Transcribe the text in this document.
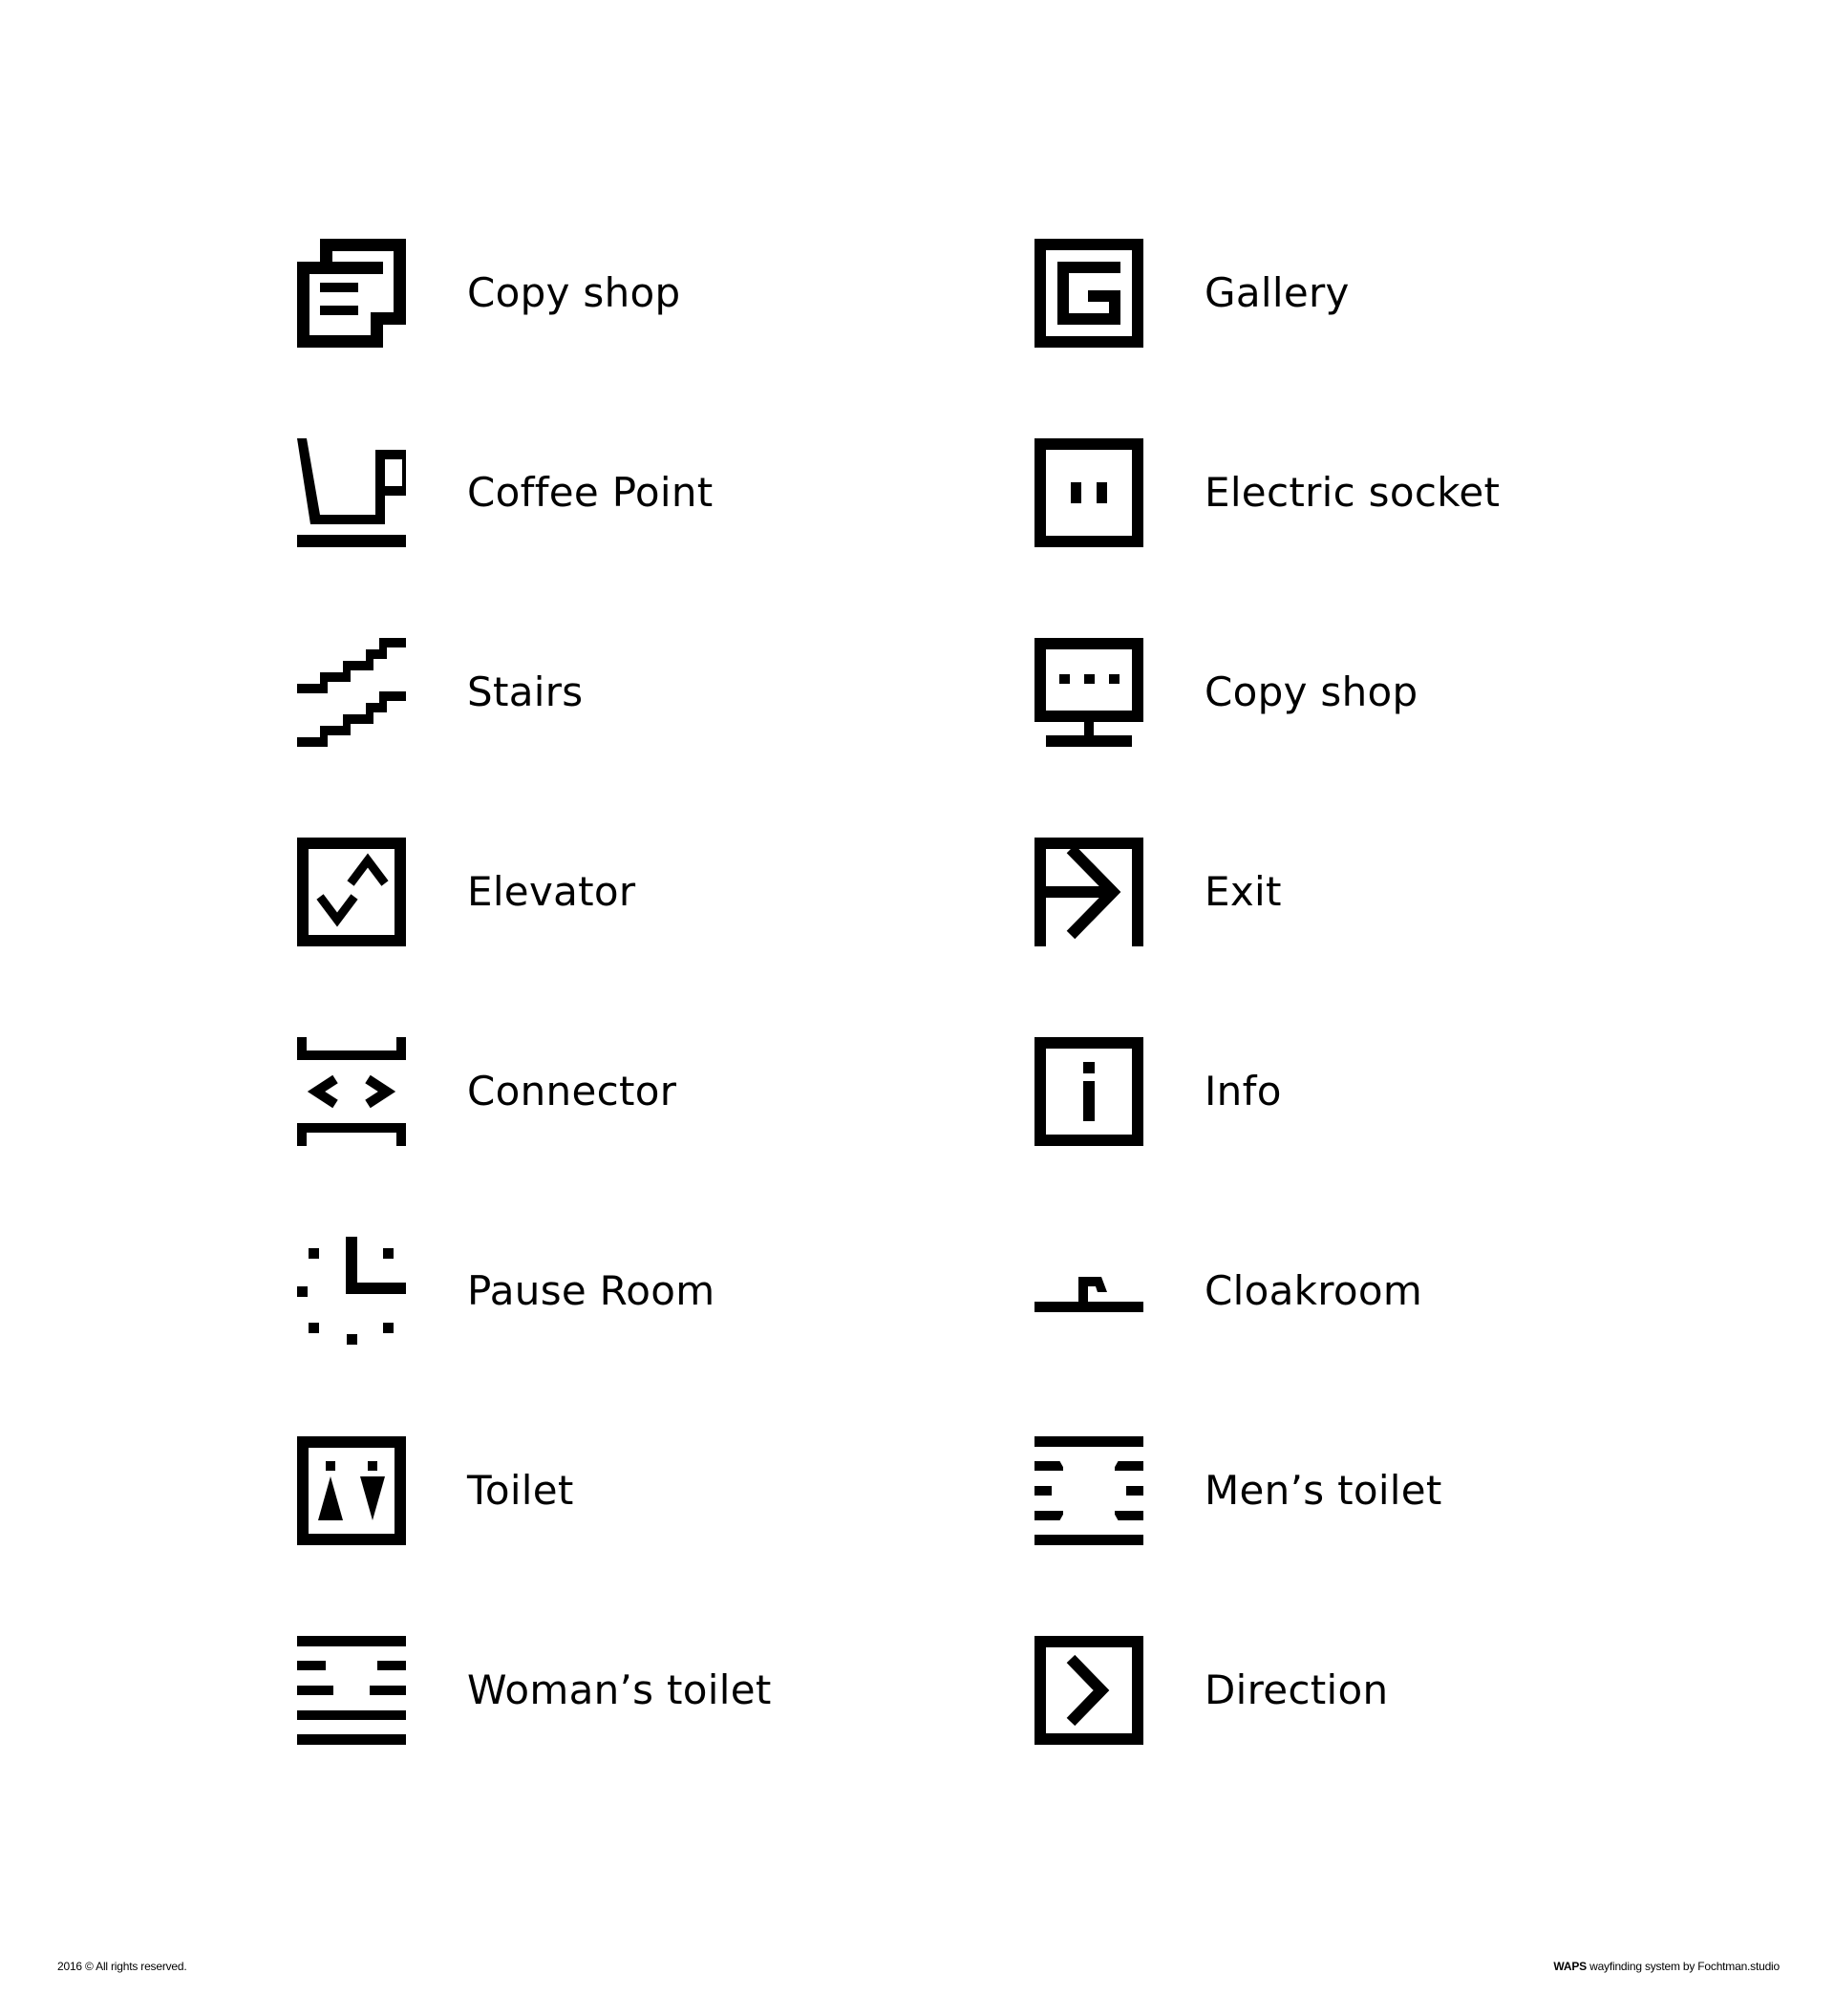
Copy shop
Coffee Point
Stairs
Elevator
Connector
Pause Room
Toilet
Woman’s toilet
Gallery
Electric socket
Copy shop
Exit
Info
Cloakroom
Men’s toilet
Direction
2016 © All rights reserved.	WAPS wayfinding system by Fochtman.studio
